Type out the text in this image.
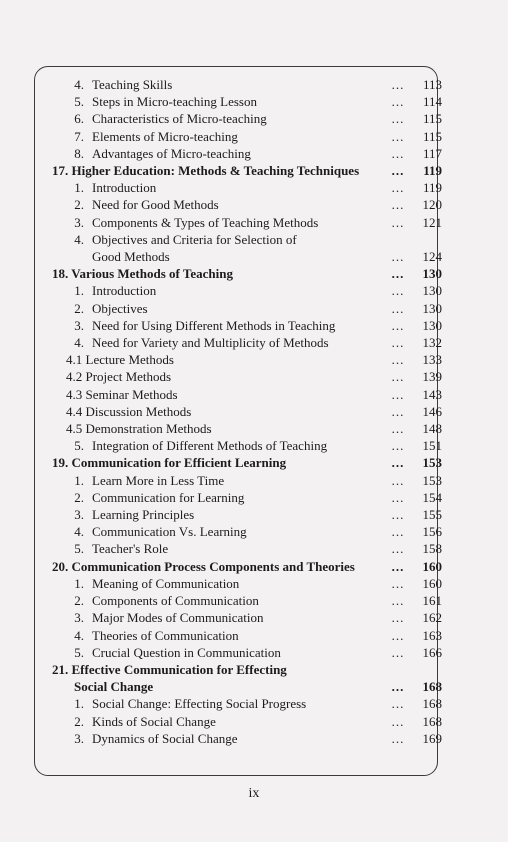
4. Teaching Skills	...	113
5. Steps in Micro-teaching Lesson	...	114
6. Characteristics of Micro-teaching	...	115
7. Elements of Micro-teaching	...	115
8. Advantages of Micro-teaching	...	117
17. Higher Education: Methods & Teaching Techniques	...	119
1. Introduction	...	119
2. Need for Good Methods	...	120
3. Components & Types of Teaching Methods	...	121
4. Objectives and Criteria for Selection of
Good Methods	...	124
18. Various Methods of Teaching	...	130
1. Introduction	...	130
2. Objectives	...	130
3. Need for Using Different Methods in Teaching	...	130
4. Need for Variety and Multiplicity of Methods	...	132
4.1 Lecture Methods	...	133
4.2 Project Methods	...	139
4.3 Seminar Methods	...	143
4.4 Discussion Methods	...	146
4.5 Demonstration Methods	...	148
5. Integration of Different Methods of Teaching	...	151
19. Communication for Efficient Learning	...	153
1. Learn More in Less Time	...	153
2. Communication for Learning	...	154
3. Learning Principles	...	155
4. Communication Vs. Learning	...	156
5. Teacher's Role	...	158
20. Communication Process Components and Theories	...	160
1. Meaning of Communication	...	160
2. Components of Communication	...	161
3. Major Modes of Communication	...	162
4. Theories of Communication	...	163
5. Crucial Question in Communication	...	166
21. Effective Communication for Effecting
Social Change	...	168
1. Social Change: Effecting Social Progress	...	168
2. Kinds of Social Change	...	168
3. Dynamics of Social Change	...	169
ix
